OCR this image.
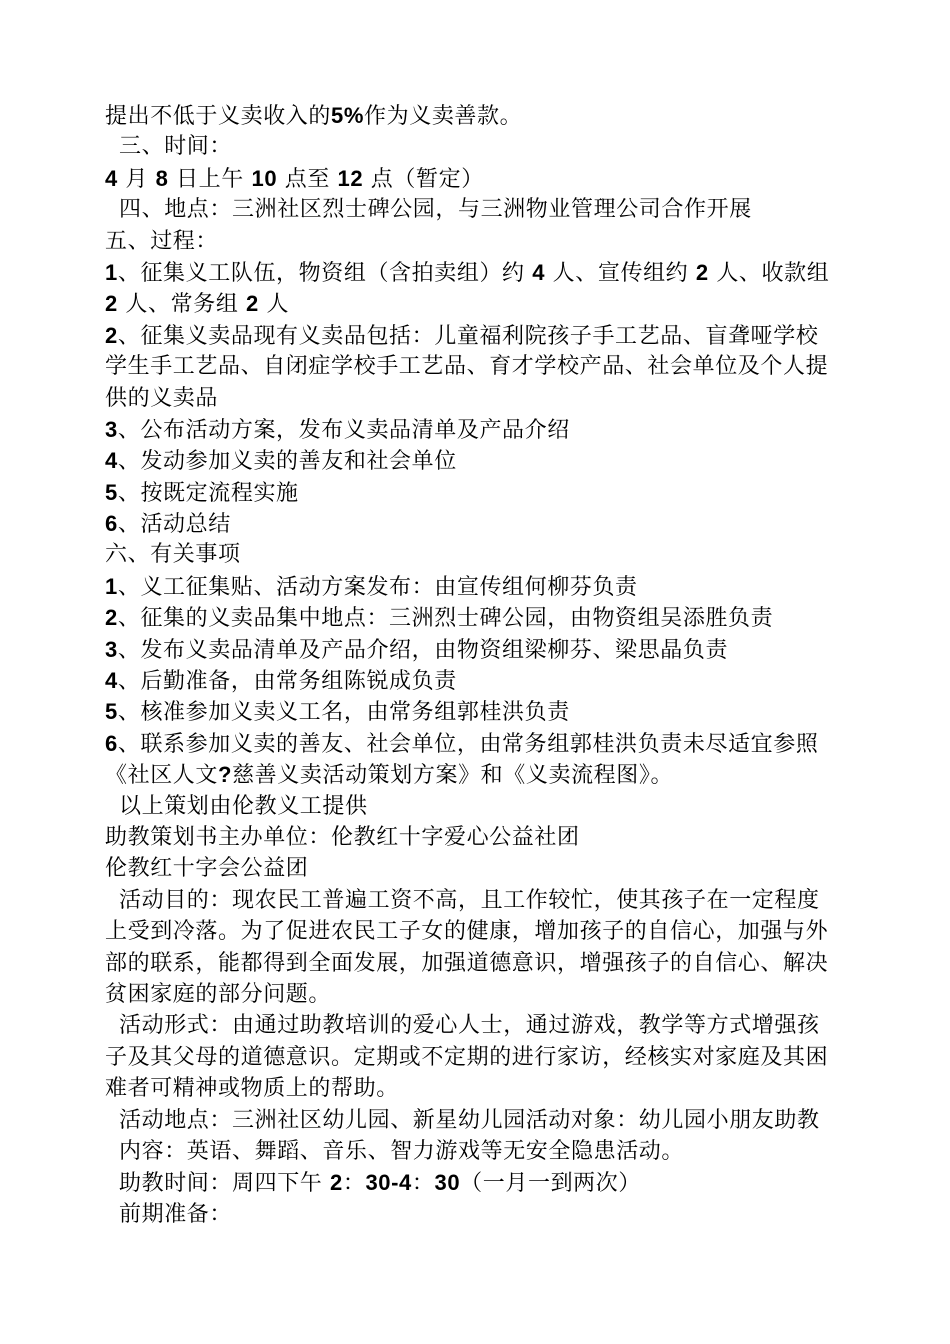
提出不低于义卖收入的5%作为义卖善款。
三、时间：
4 月 8 日上午 10 点至 12 点（暂定）
四、地点：三洲社区烈士碑公园，与三洲物业管理公司合作开展
五、过程：
1、征集义工队伍，物资组（含拍卖组）约 4 人、宣传组约 2 人、收款组
2 人、常务组 2 人
2、征集义卖品现有义卖品包括：儿童福利院孩子手工艺品、盲聋哑学校
学生手工艺品、自闭症学校手工艺品、育才学校产品、社会单位及个人提
供的义卖品
3、公布活动方案，发布义卖品清单及产品介绍
4、发动参加义卖的善友和社会单位
5、按既定流程实施
6、活动总结
六、有关事项
1、义工征集贴、活动方案发布：由宣传组何柳芬负责
2、征集的义卖品集中地点：三洲烈士碑公园，由物资组吴添胜负责
3、发布义卖品清单及产品介绍，由物资组梁柳芬、梁思晶负责
4、后勤准备，由常务组陈锐成负责
5、核准参加义卖义工名，由常务组郭桂洪负责
6、联系参加义卖的善友、社会单位，由常务组郭桂洪负责未尽适宜参照
《社区人文?慈善义卖活动策划方案》和《义卖流程图》。
以上策划由伦教义工提供
助教策划书主办单位：伦教红十字爱心公益社团
伦教红十字会公益团
活动目的：现农民工普遍工资不高，且工作较忙，使其孩子在一定程度
上受到冷落。为了促进农民工子女的健康，增加孩子的自信心，加强与外
部的联系，能都得到全面发展，加强道德意识，增强孩子的自信心、解决
贫困家庭的部分问题。
活动形式：由通过助教培训的爱心人士，通过游戏，教学等方式增强孩
子及其父母的道德意识。定期或不定期的进行家访，经核实对家庭及其困
难者可精神或物质上的帮助。
活动地点：三洲社区幼儿园、新星幼儿园活动对象：幼儿园小朋友助教
内容：英语、舞蹈、音乐、智力游戏等无安全隐患活动。
助教时间：周四下午 2：30-4：30（一月一到两次）
前期准备：
